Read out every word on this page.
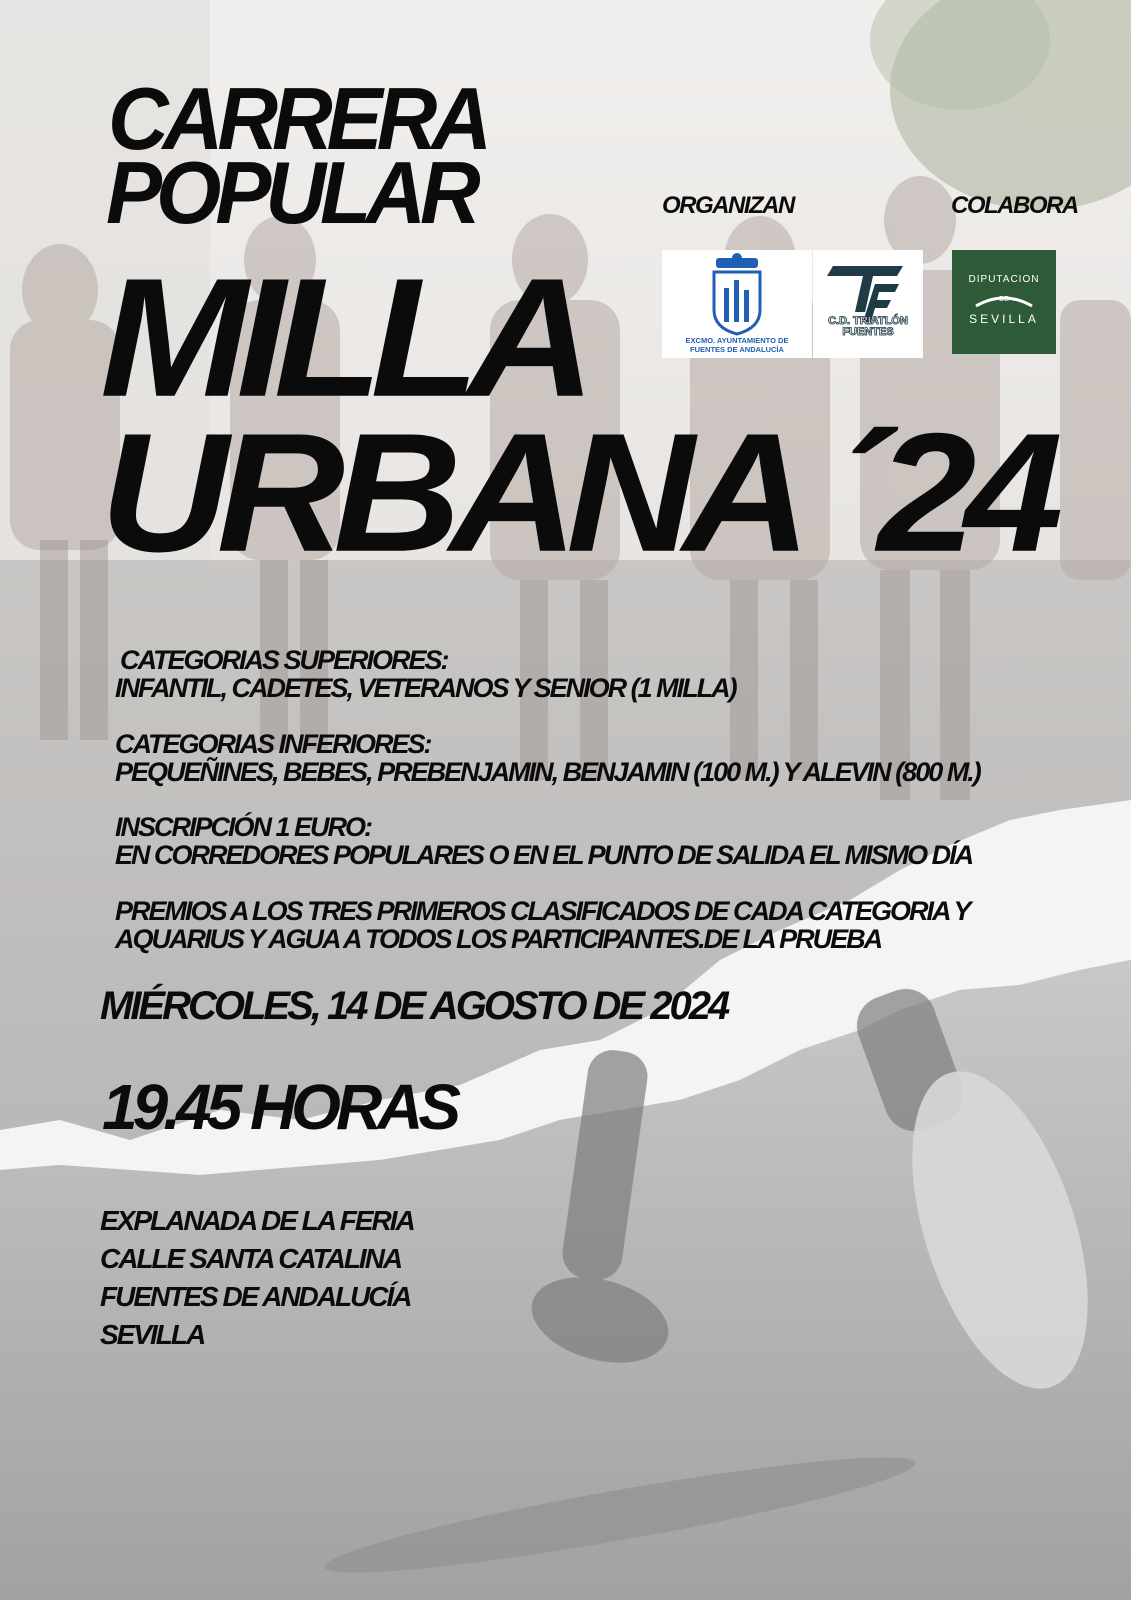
CARRERA
POPULAR
MILLA
URBANA ´24
ORGANIZAN	COLABORA
EXCMO. AYUNTAMIENTO DE
FUENTES DE ANDALUCÍA
C.D. TRIATLÓN
FUENTES
DIPUTACION
DE
SEVILLA
CATEGORIAS SUPERIORES:
INFANTIL, CADETES, VETERANOS Y SENIOR (1 MILLA)
CATEGORIAS INFERIORES:
PEQUEÑINES, BEBES, PREBENJAMIN, BENJAMIN (100 M.) Y ALEVIN (800 M.)
INSCRIPCIÓN 1 EURO:
EN CORREDORES POPULARES O EN EL PUNTO DE SALIDA EL MISMO DÍA
PREMIOS A LOS TRES PRIMEROS CLASIFICADOS DE CADA CATEGORIA Y
AQUARIUS Y AGUA A TODOS LOS PARTICIPANTES.DE LA PRUEBA
MIÉRCOLES, 14 DE AGOSTO DE 2024
19.45 HORAS
EXPLANADA DE LA FERIA
CALLE SANTA CATALINA
FUENTES DE ANDALUCÍA
SEVILLA
